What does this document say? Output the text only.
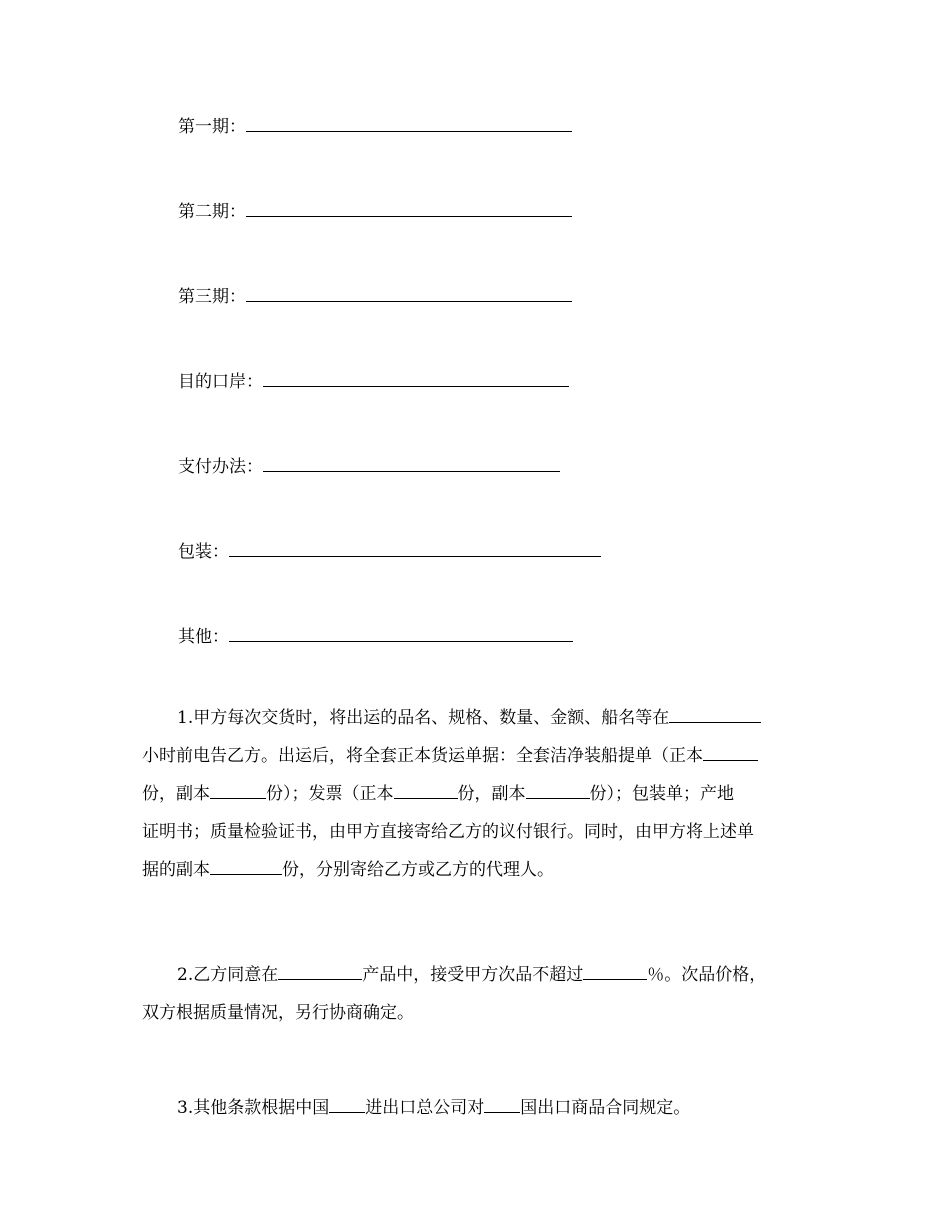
第一期：
第二期：
第三期：
目的口岸：
支付办法：
包装：
其他：
1.甲方每次交货时，将出运的品名、规格、数量、金额、船名等在
小时前电告乙方。出运后，将全套正本货运单据：全套洁净装船提单（正本
份，副本	份）；发票（正本	份，副本	份）；包装单；产地
证明书；质量检验证书，由甲方直接寄给乙方的议付银行。同时，由甲方将上述单
据的副本	份，分别寄给乙方或乙方的代理人。
2.乙方同意在	产品中，接受甲方次品不超过	％。次品价格，
双方根据质量情况，另行协商确定。
3.其他条款根据中国 进出口总公司对 国出口商品合同规定。
